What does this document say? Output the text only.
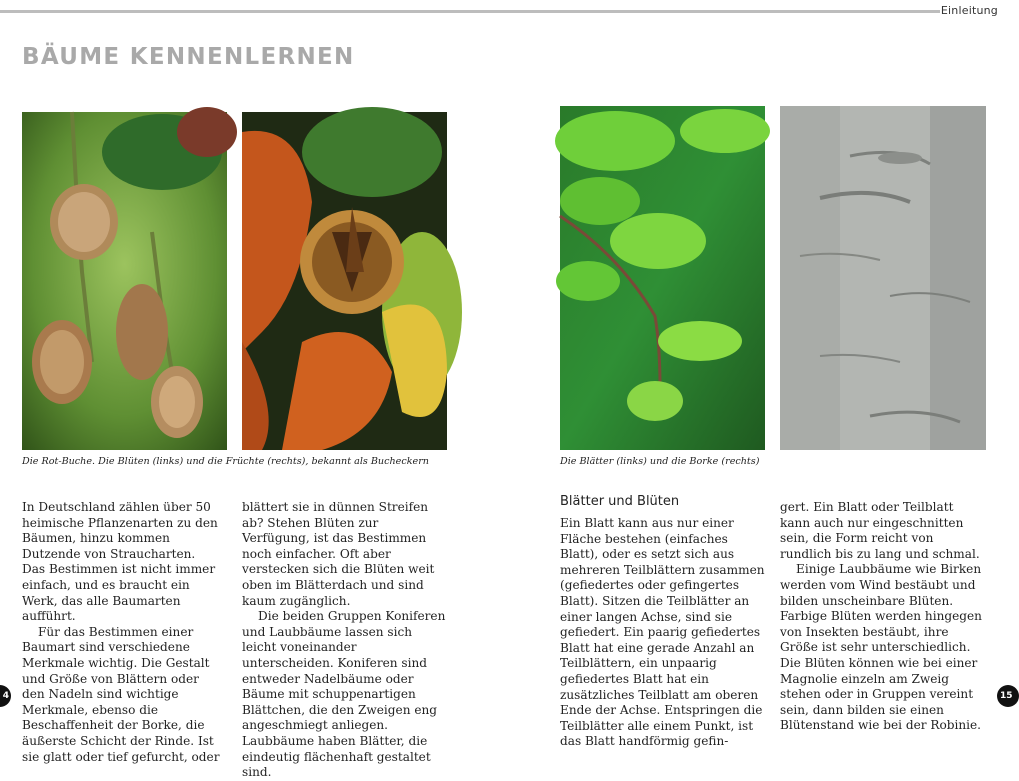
Einleitung
BÄUME KENNENLERNEN
Die Rot-Buche. Die Blüten (links) und die Früchte (rechts), bekannt als Bucheckern	Die Blätter (links) und die Borke (rechts)

In Deutschland zählen über 50 heimische Pflanzenarten zu den Bäumen, hinzu kommen Dutzende von Straucharten. Das Bestimmen ist nicht immer einfach, und es braucht ein Werk, das alle Baumarten aufführt.

Für das Bestimmen einer Baumart sind verschiedene Merkmale wichtig. Die Gestalt und Größe von Blättern oder den Nadeln sind wichtige Merkmale, ebenso die Beschaffenheit der Borke, die äußerste Schicht der Rinde. Ist sie glatt oder tief gefurcht, oder

blättert sie in dünnen Streifen ab? Stehen Blüten zur Verfügung, ist das Bestimmen noch einfacher. Oft aber verstecken sich die Blüten weit oben im Blätterdach und sind kaum zugänglich.

Die beiden Gruppen Koniferen und Laubbäume lassen sich leicht voneinander unterscheiden. Koniferen sind entweder Nadelbäume oder Bäume mit schuppenartigen Blättchen, die den Zweigen eng angeschmiegt anliegen. Laubbäume haben Blätter, die eindeutig flächenhaft gestaltet sind.

Blätter und Blüten

Ein Blatt kann aus nur einer Fläche bestehen (einfaches Blatt), oder es setzt sich aus mehreren Teilblättern zusammen (gefiedertes oder gefingertes Blatt). Sitzen die Teilblätter an einer langen Achse, sind sie gefiedert. Ein paarig gefiedertes Blatt hat eine gerade Anzahl an Teilblättern, ein unpaarig gefiedertes Blatt hat ein zusätzliches Teilblatt am oberen Ende der Achse. Entspringen die Teilblätter alle einem Punkt, ist das Blatt handförmig gefin-

gert. Ein Blatt oder Teilblatt kann auch nur eingeschnitten sein, die Form reicht von rundlich bis zu lang und schmal.

Einige Laubbäume wie Birken werden vom Wind bestäubt und bilden unscheinbare Blüten. Farbige Blüten werden hingegen von Insekten bestäubt, ihre Größe ist sehr unterschiedlich. Die Blüten können wie bei einer Magnolie einzeln am Zweig stehen oder in Gruppen vereint sein, dann bilden sie einen Blütenstand wie bei der Robinie.

4	15
